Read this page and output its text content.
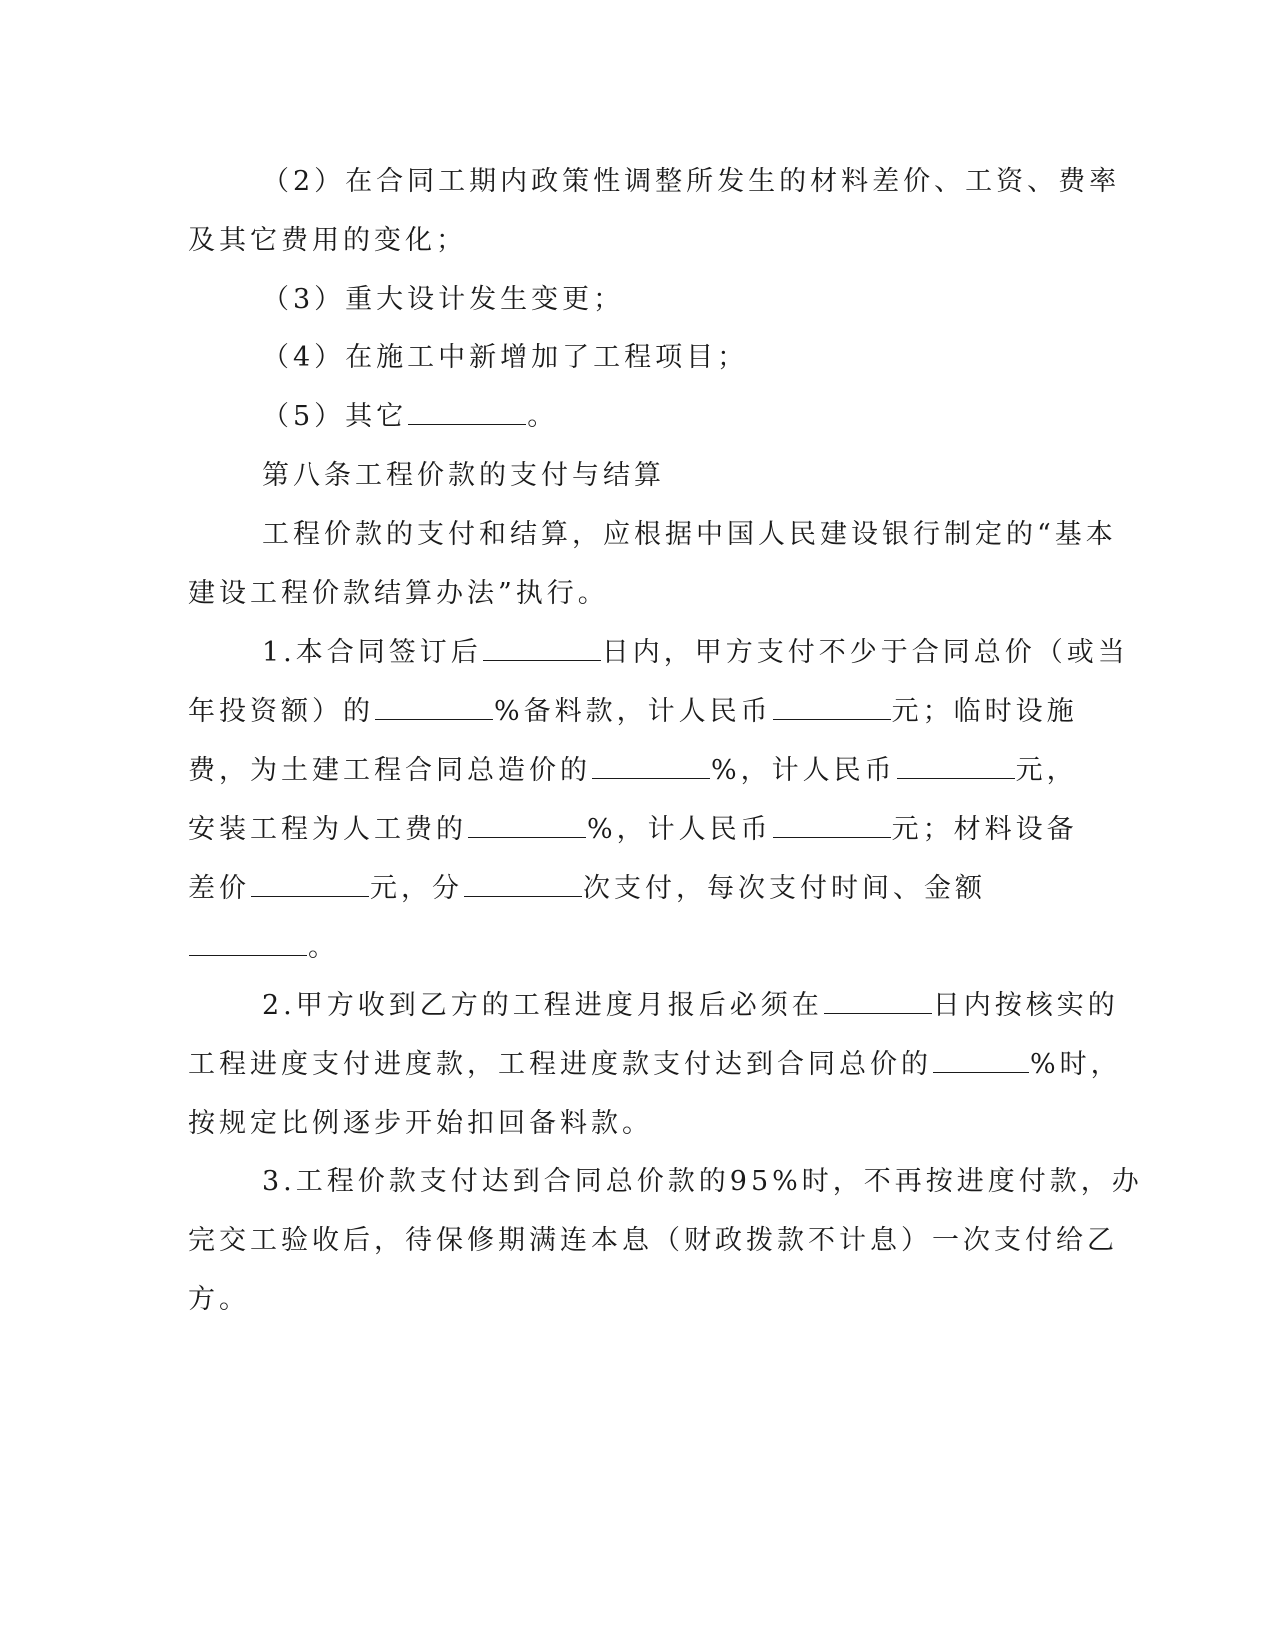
（2）在合同工期内政策性调整所发生的材料差价、工资、费率
及其它费用的变化；
（3）重大设计发生变更；
（4）在施工中新增加了工程项目；
（5）其它	。
第八条工程价款的支付与结算
工程价款的支付和结算，应根据中国人民建设银行制定的“基本
建设工程价款结算办法”执行。
1.本合同签订后	日内，甲方支付不少于合同总价（或当
年投资额）的	%备料款，计人民币	元；临时设施
费，为土建工程合同总造价的	%，计人民币	元，
安装工程为人工费的	%，计人民币	元；材料设备
差价	元，分	次支付，每次支付时间、金额
。
2.甲方收到乙方的工程进度月报后必须在	日内按核实的
工程进度支付进度款，工程进度款支付达到合同总价的	%时，
按规定比例逐步开始扣回备料款。
3.工程价款支付达到合同总价款的95%时，不再按进度付款，办
完交工验收后，待保修期满连本息（财政拨款不计息）一次支付给乙
方。
